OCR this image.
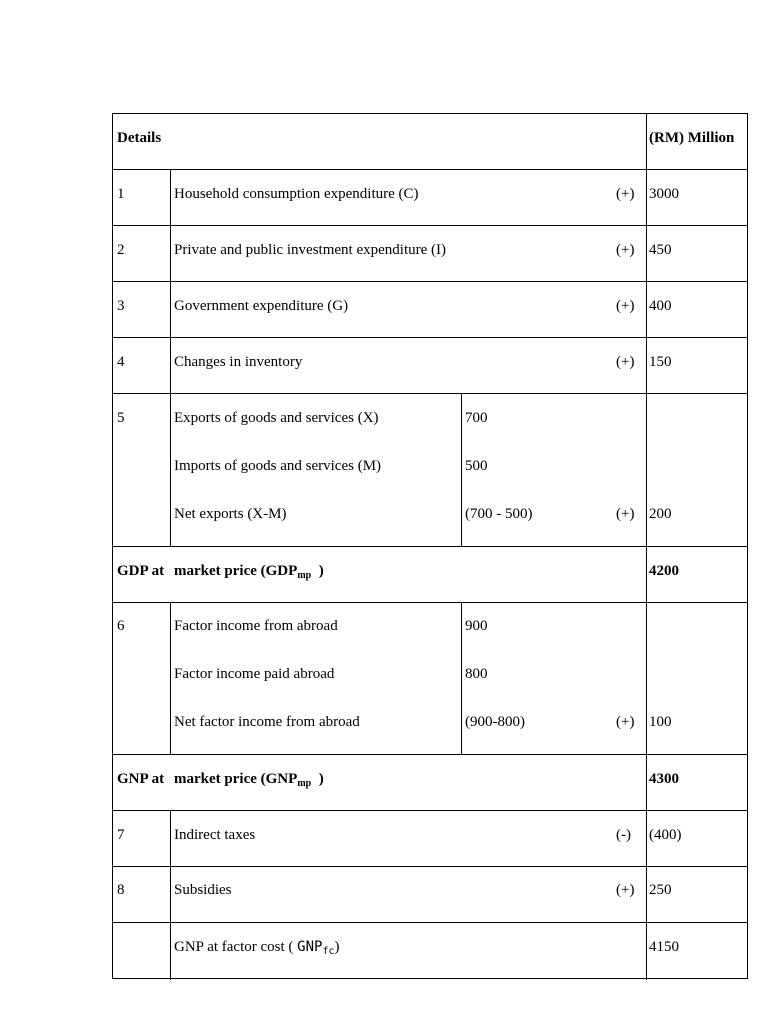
Details	(RM) Million
1	Household consumption expenditure (C)	(+) 3000
2	Private and public investment expenditure (I)	(+) 450
3	Government expenditure (G)	(+) 400
4	Changes in inventory	(+) 150
5	Exports of goods and services (X)	700
Imports of goods and services (M)	500
Net exports (X-M)	(700 - 500)	(+) 200
GDP at market price ($GDP_{mp}$ )	4200
6	Factor income from abroad	900
Factor income paid abroad	800
Net factor income from abroad	(900-800)	(+) 100
GNP at market price ($GNP_{mp}$ )	4300
7	Indirect taxes	(-) (400)
8	Subsidies	(+) 250
GNP at factor cost ( $GNP_{fc}$)	4150
